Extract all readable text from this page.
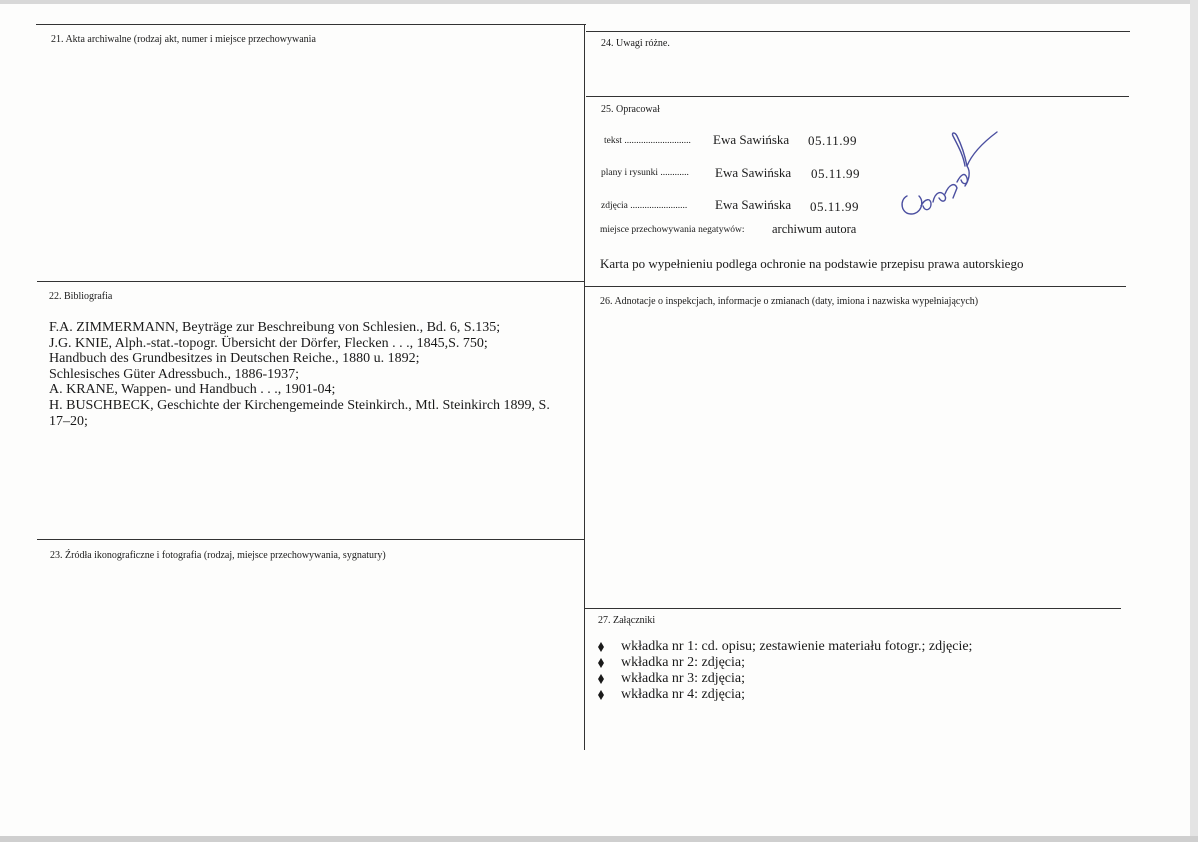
21. Akta archiwalne (rodzaj akt, numer i miejsce przechowywania	24. Uwagi różne.
25. Opracował
tekst ............................ Ewa Sawińska 05.11.99
plany i rysunki ............ Ewa Sawińska 05.11.99
zdjęcia ........................ Ewa Sawińska 05.11.99
miejsce przechowywania negatywów: archiwum autora
Karta po wypełnieniu podlega ochronie na podstawie przepisu prawa autorskiego
22. Bibliografia
F.A. ZIMMERMANN, Beyträge zur Beschreibung von Schlesien., Bd. 6, S.135;
J.G. KNIE, Alph.-stat.-topogr. Übersicht der Dörfer, Flecken . . ., 1845,S. 750;
Handbuch des Grundbesitzes in Deutschen Reiche., 1880 u. 1892;
Schlesisches Güter Adressbuch., 1886-1937;
A. KRANE, Wappen- und Handbuch . . ., 1901-04;
H. BUSCHBECK, Geschichte der Kirchengemeinde Steinkirch., Mtl. Steinkirch 1899, S. 17–20;
26. Adnotacje o inspekcjach, informacje o zmianach (daty, imiona i nazwiska wypełniających)
23. Źródła ikonograficzne i fotografia (rodzaj, miejsce przechowywania, sygnatury)
27. Załączniki
wkładka nr 1: cd. opisu; zestawienie materiału fotogr.; zdjęcie;
wkładka nr 2: zdjęcia;
wkładka nr 3: zdjęcia;
wkładka nr 4: zdjęcia;
